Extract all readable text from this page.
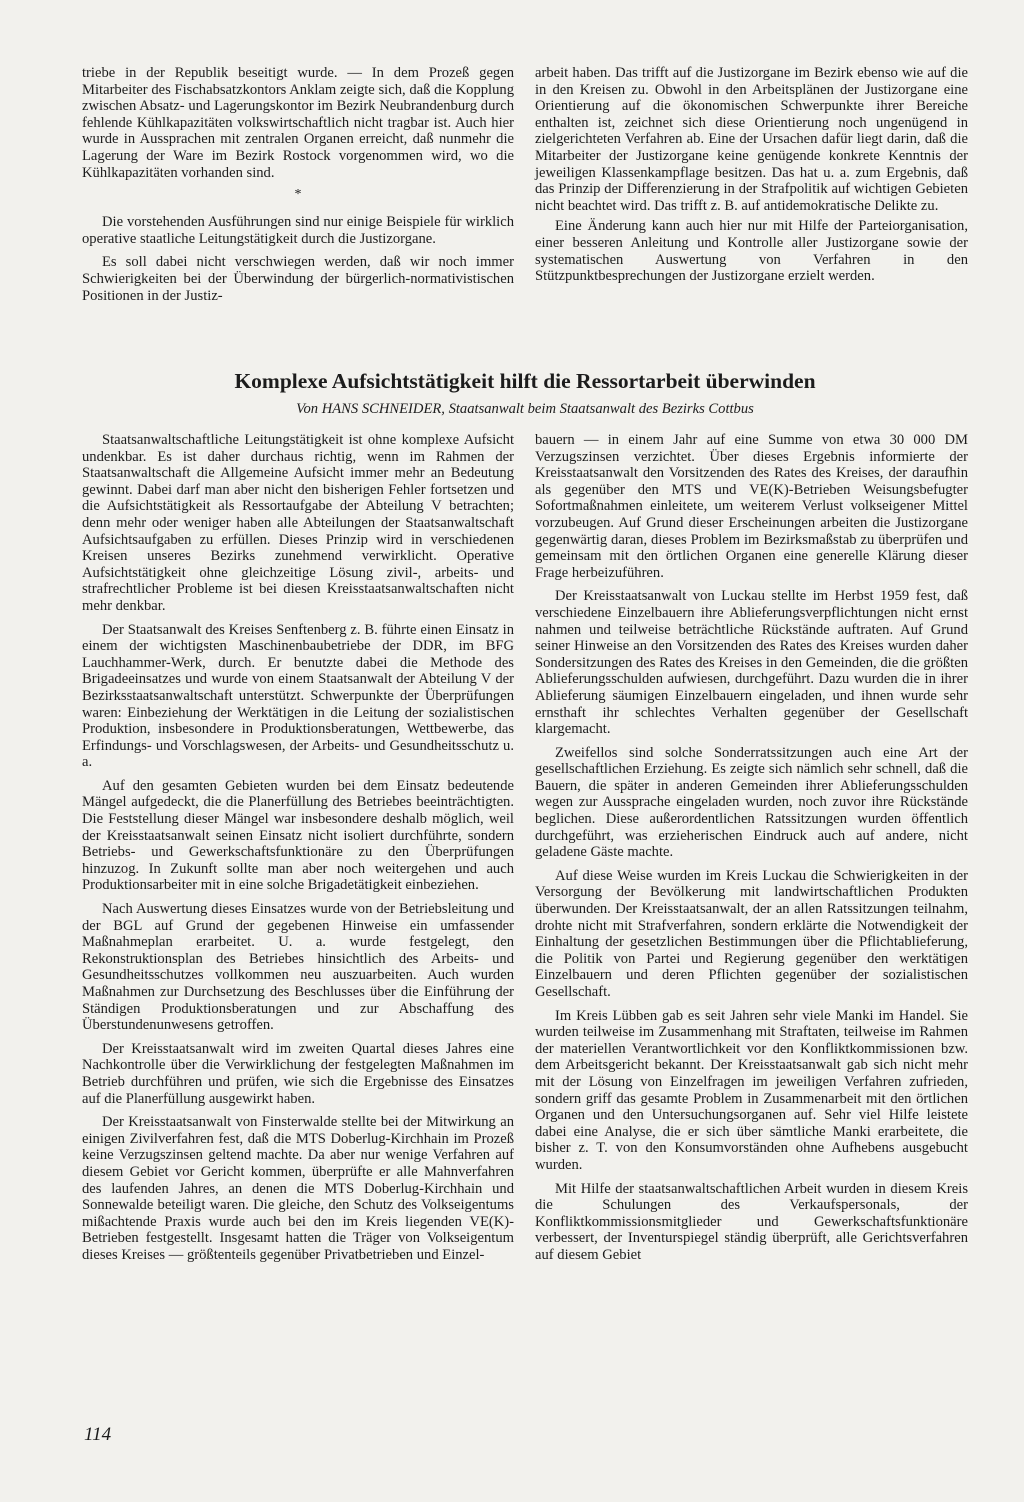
triebe in der Republik beseitigt wurde. — In dem Prozeß gegen Mitarbeiter des Fischabsatzkontors Anklam zeigte sich, daß die Kopplung zwischen Absatz- und Lagerungskontor im Bezirk Neubrandenburg durch fehlende Kühlkapazitäten volkswirtschaftlich nicht tragbar ist. Auch hier wurde in Aussprachen mit zentralen Organen erreicht, daß nunmehr die Lagerung der Ware im Bezirk Rostock vorgenommen wird, wo die Kühlkapazitäten vorhanden sind.

*

Die vorstehenden Ausführungen sind nur einige Beispiele für wirklich operative staatliche Leitungstätigkeit durch die Justizorgane.

Es soll dabei nicht verschwiegen werden, daß wir noch immer Schwierigkeiten bei der Überwindung der bürgerlich-normativistischen Positionen in der Justiz-

arbeit haben. Das trifft auf die Justizorgane im Bezirk ebenso wie auf die in den Kreisen zu. Obwohl in den Arbeitsplänen der Justizorgane eine Orientierung auf die ökonomischen Schwerpunkte ihrer Bereiche enthalten ist, zeichnet sich diese Orientierung noch ungenügend in zielgerichteten Verfahren ab. Eine der Ursachen dafür liegt darin, daß die Mitarbeiter der Justizorgane keine genügende konkrete Kenntnis der jeweiligen Klassenkampflage besitzen. Das hat u. a. zum Ergebnis, daß das Prinzip der Differenzierung in der Strafpolitik auf wichtigen Gebieten nicht beachtet wird. Das trifft z. B. auf antidemokratische Delikte zu.

Eine Änderung kann auch hier nur mit Hilfe der Parteiorganisation, einer besseren Anleitung und Kontrolle aller Justizorgane sowie der systematischen Auswertung von Verfahren in den Stützpunktbesprechungen der Justizorgane erzielt werden.

Komplexe Aufsichtstätigkeit hilft die Ressortarbeit überwinden
Von HANS SCHNEIDER, Staatsanwalt beim Staatsanwalt des Bezirks Cottbus

Staatsanwaltschaftliche Leitungstätigkeit ist ohne komplexe Aufsicht undenkbar. Es ist daher durchaus richtig, wenn im Rahmen der Staatsanwaltschaft die Allgemeine Aufsicht immer mehr an Bedeutung gewinnt. Dabei darf man aber nicht den bisherigen Fehler fortsetzen und die Aufsichtstätigkeit als Ressortaufgabe der Abteilung V betrachten; denn mehr oder weniger haben alle Abteilungen der Staatsanwaltschaft Aufsichtsaufgaben zu erfüllen. Dieses Prinzip wird in verschiedenen Kreisen unseres Bezirks zunehmend verwirklicht. Operative Aufsichtstätigkeit ohne gleichzeitige Lösung zivil-, arbeits- und strafrechtlicher Probleme ist bei diesen Kreisstaatsanwaltschaften nicht mehr denkbar.

Der Staatsanwalt des Kreises Senftenberg z. B. führte einen Einsatz in einem der wichtigsten Maschinenbaubetriebe der DDR, im BFG Lauchhammer-Werk, durch. Er benutzte dabei die Methode des Brigadeeinsatzes und wurde von einem Staatsanwalt der Abteilung V der Bezirksstaatsanwaltschaft unterstützt. Schwerpunkte der Überprüfungen waren: Einbeziehung der Werktätigen in die Leitung der sozialistischen Produktion, insbesondere in Produktionsberatungen, Wettbewerbe, das Erfindungs- und Vorschlagswesen, der Arbeits- und Gesundheitsschutz u. a.

Auf den gesamten Gebieten wurden bei dem Einsatz bedeutende Mängel aufgedeckt, die die Planerfüllung des Betriebes beeinträchtigten. Die Feststellung dieser Mängel war insbesondere deshalb möglich, weil der Kreisstaatsanwalt seinen Einsatz nicht isoliert durchführte, sondern Betriebs- und Gewerkschaftsfunktionäre zu den Überprüfungen hinzuzog. In Zukunft sollte man aber noch weitergehen und auch Produktionsarbeiter mit in eine solche Brigadetätigkeit einbeziehen.

Nach Auswertung dieses Einsatzes wurde von der Betriebsleitung und der BGL auf Grund der gegebenen Hinweise ein umfassender Maßnahmeplan erarbeitet. U. a. wurde festgelegt, den Rekonstruktionsplan des Betriebes hinsichtlich des Arbeits- und Gesundheitsschutzes vollkommen neu auszuarbeiten. Auch wurden Maßnahmen zur Durchsetzung des Beschlusses über die Einführung der Ständigen Produktionsberatungen und zur Abschaffung des Überstundenunwesens getroffen.

Der Kreisstaatsanwalt wird im zweiten Quartal dieses Jahres eine Nachkontrolle über die Verwirklichung der festgelegten Maßnahmen im Betrieb durchführen und prüfen, wie sich die Ergebnisse des Einsatzes auf die Planerfüllung ausgewirkt haben.

Der Kreisstaatsanwalt von Finsterwalde stellte bei der Mitwirkung an einigen Zivilverfahren fest, daß die MTS Doberlug-Kirchhain im Prozeß keine Verzugszinsen geltend machte. Da aber nur wenige Verfahren auf diesem Gebiet vor Gericht kommen, überprüfte er alle Mahnverfahren des laufenden Jahres, an denen die MTS Doberlug-Kirchhain und Sonnewalde beteiligt waren. Die gleiche, den Schutz des Volkseigentums mißachtende Praxis wurde auch bei den im Kreis liegenden VE(K)-Betrieben festgestellt. Insgesamt hatten die Träger von Volkseigentum dieses Kreises — größtenteils gegenüber Privatbetrieben und Einzel-

bauern — in einem Jahr auf eine Summe von etwa 30 000 DM Verzugszinsen verzichtet. Über dieses Ergebnis informierte der Kreisstaatsanwalt den Vorsitzenden des Rates des Kreises, der daraufhin als gegenüber den MTS und VE(K)-Betrieben Weisungsbefugter Sofortmaßnahmen einleitete, um weiterem Verlust volkseigener Mittel vorzubeugen. Auf Grund dieser Erscheinungen arbeiten die Justizorgane gegenwärtig daran, dieses Problem im Bezirksmaßstab zu überprüfen und gemeinsam mit den örtlichen Organen eine generelle Klärung dieser Frage herbeizuführen.

Der Kreisstaatsanwalt von Luckau stellte im Herbst 1959 fest, daß verschiedene Einzelbauern ihre Ablieferungsverpflichtungen nicht ernst nahmen und teilweise beträchtliche Rückstände auftraten. Auf Grund seiner Hinweise an den Vorsitzenden des Rates des Kreises wurden daher Sondersitzungen des Rates des Kreises in den Gemeinden, die die größten Ablieferungsschulden aufwiesen, durchgeführt. Dazu wurden die in ihrer Ablieferung säumigen Einzelbauern eingeladen, und ihnen wurde sehr ernsthaft ihr schlechtes Verhalten gegenüber der Gesellschaft klargemacht.

Zweifellos sind solche Sonderratssitzungen auch eine Art der gesellschaftlichen Erziehung. Es zeigte sich nämlich sehr schnell, daß die Bauern, die später in anderen Gemeinden ihrer Ablieferungsschulden wegen zur Aussprache eingeladen wurden, noch zuvor ihre Rückstände beglichen. Diese außerordentlichen Ratssitzungen wurden öffentlich durchgeführt, was erzieherischen Eindruck auch auf andere, nicht geladene Gäste machte.

Auf diese Weise wurden im Kreis Luckau die Schwierigkeiten in der Versorgung der Bevölkerung mit landwirtschaftlichen Produkten überwunden. Der Kreisstaatsanwalt, der an allen Ratssitzungen teilnahm, drohte nicht mit Strafverfahren, sondern erklärte die Notwendigkeit der Einhaltung der gesetzlichen Bestimmungen über die Pflichtablieferung, die Politik von Partei und Regierung gegenüber den werktätigen Einzelbauern und deren Pflichten gegenüber der sozialistischen Gesellschaft.

Im Kreis Lübben gab es seit Jahren sehr viele Manki im Handel. Sie wurden teilweise im Zusammenhang mit Straftaten, teilweise im Rahmen der materiellen Verantwortlichkeit vor den Konfliktkommissionen bzw. dem Arbeitsgericht bekannt. Der Kreisstaatsanwalt gab sich nicht mehr mit der Lösung von Einzelfragen im jeweiligen Verfahren zufrieden, sondern griff das gesamte Problem in Zusammenarbeit mit den örtlichen Organen und den Untersuchungsorganen auf. Sehr viel Hilfe leistete dabei eine Analyse, die er sich über sämtliche Manki erarbeitete, die bisher z. T. von den Konsumvorständen ohne Aufhebens ausgebucht wurden.

Mit Hilfe der staatsanwaltschaftlichen Arbeit wurden in diesem Kreis die Schulungen des Verkaufspersonals, der Konfliktkommissionsmitglieder und Gewerkschaftsfunktionäre verbessert, der Inventurspiegel ständig überprüft, alle Gerichtsverfahren auf diesem Gebiet

114
